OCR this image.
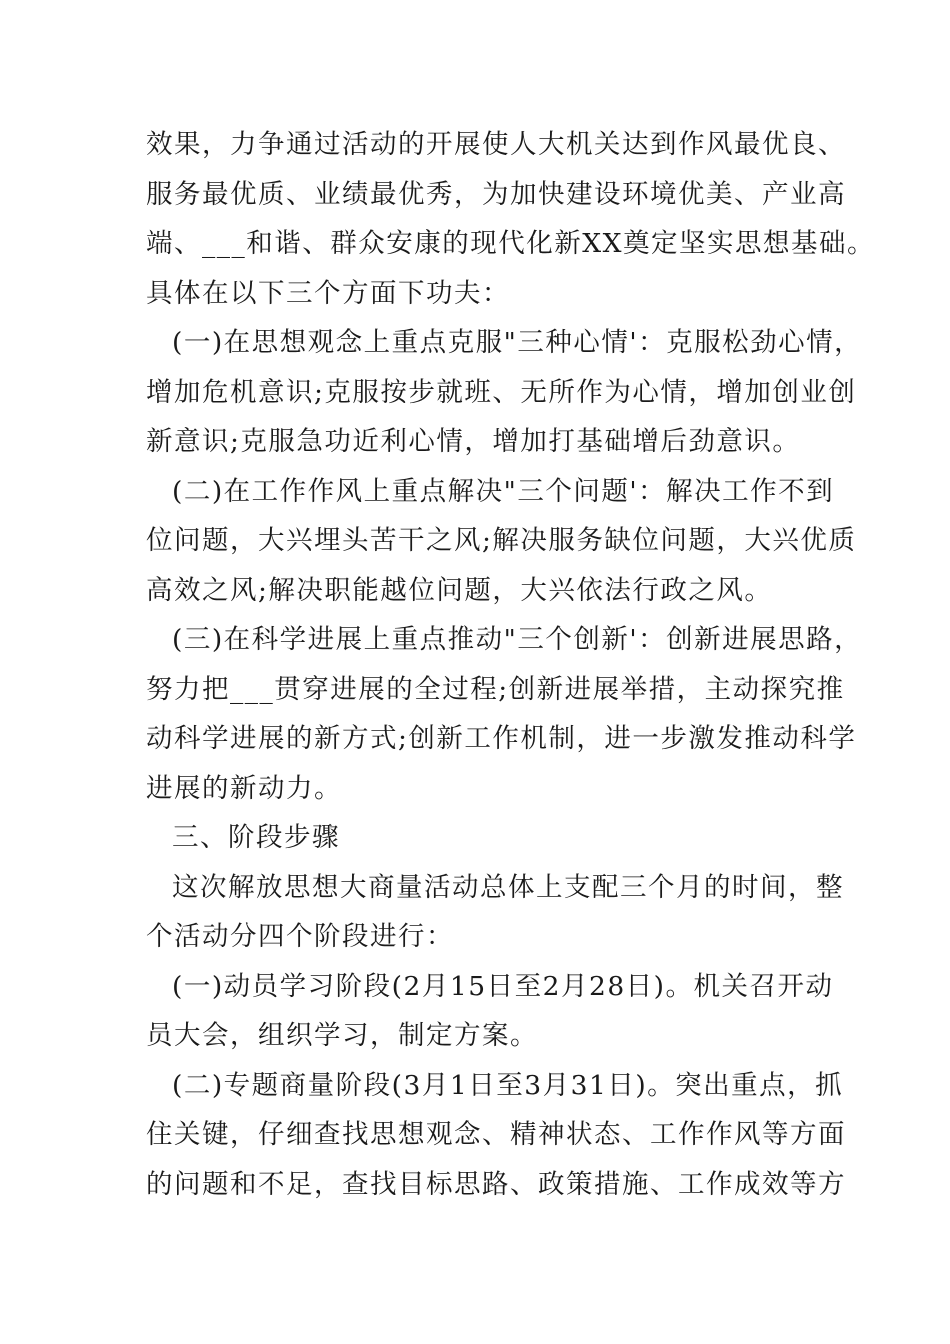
效果，力争通过活动的开展使人大机关达到作风最优良、
服务最优质、业绩最优秀，为加快建设环境优美、产业高
端、___和谐、群众安康的现代化新XX奠定坚实思想基础。
具体在以下三个方面下功夫：
(一)在思想观念上重点克服"三种心情'：克服松劲心情，
增加危机意识;克服按步就班、无所作为心情，增加创业创
新意识;克服急功近利心情，增加打基础增后劲意识。
(二)在工作作风上重点解决"三个问题'：解决工作不到
位问题，大兴埋头苦干之风;解决服务缺位问题，大兴优质
高效之风;解决职能越位问题，大兴依法行政之风。
(三)在科学进展上重点推动"三个创新'：创新进展思路，
努力把___贯穿进展的全过程;创新进展举措，主动探究推
动科学进展的新方式;创新工作机制，进一步激发推动科学
进展的新动力。
三、阶段步骤
这次解放思想大商量活动总体上支配三个月的时间，整
个活动分四个阶段进行：
(一)动员学习阶段(2月15日至2月28日)。机关召开动
员大会，组织学习，制定方案。
(二)专题商量阶段(3月1日至3月31日)。突出重点，抓
住关键，仔细查找思想观念、精神状态、工作作风等方面
的问题和不足，查找目标思路、政策措施、工作成效等方
